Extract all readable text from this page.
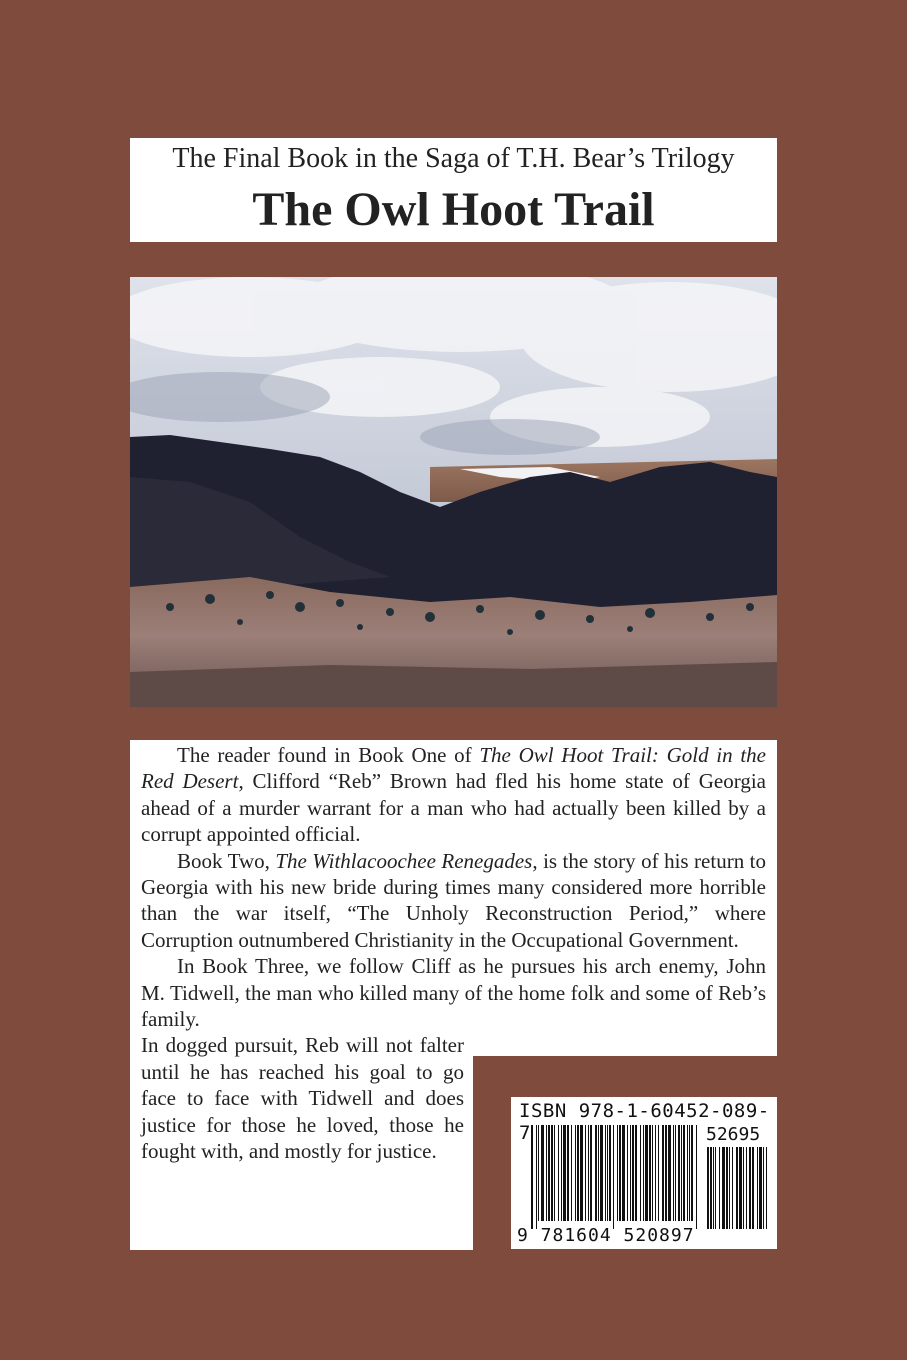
The Final Book in the Saga of T.H. Bear’s Trilogy
The Owl Hoot Trail

The reader found in Book One of The Owl Hoot Trail: Gold in the Red Desert, Clifford “Reb” Brown had fled his home state of Georgia ahead of a murder warrant for a man who had actually been killed by a corrupt appointed official.

Book Two, The Withlacoochee Renegades, is the story of his return to Georgia with his new bride during times many considered more horrible than the war itself, “The Unholy Reconstruction Period,” where Corruption outnumbered Christianity in the Occupational Government.

In Book Three, we follow Cliff as he pursues his arch enemy, John M. Tidwell, the man who killed many of the home folk and some of Reb’s family.

In dogged pursuit, Reb will not falter until he has reached his goal to go face to face with Tidwell and does justice for those he loved, those he fought with, and mostly for justice.

ISBN 978-1-60452-089-7	52695
9 781604 520897
